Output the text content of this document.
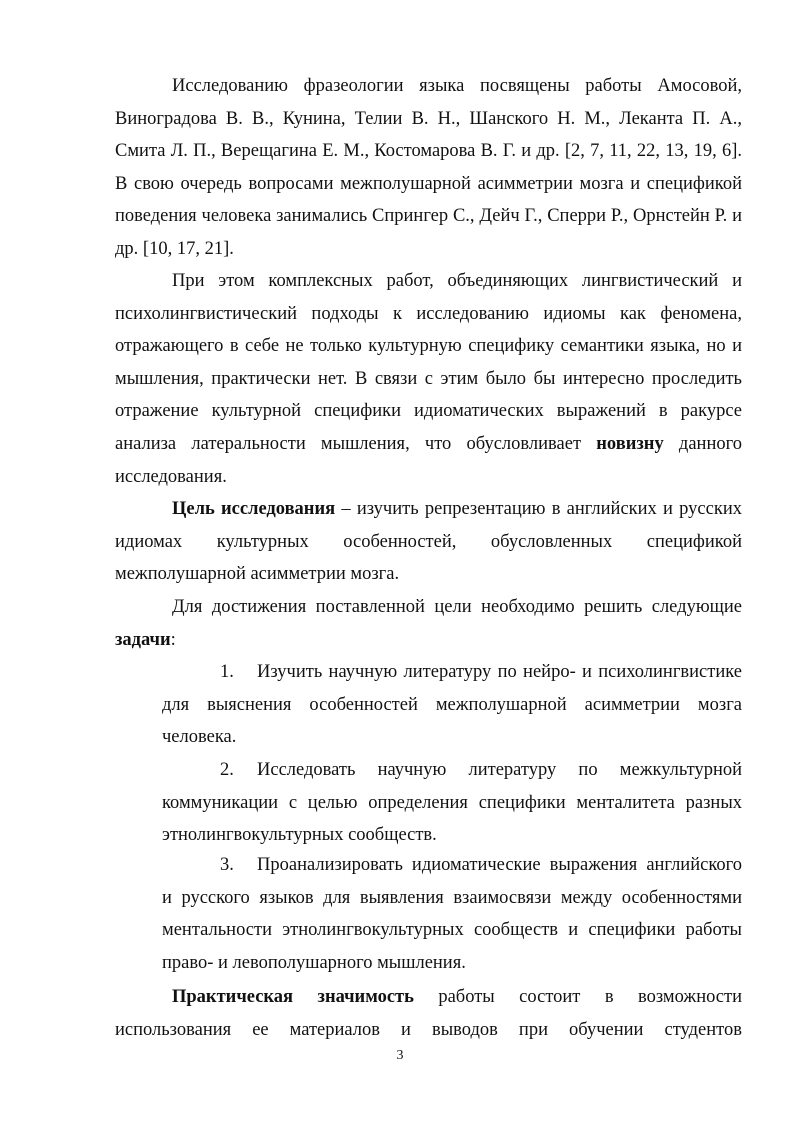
Исследованию фразеологии языка посвящены работы Амосовой, Виноградова В. В., Кунина, Телии В. Н., Шанского Н. М., Леканта П. А., Смита Л. П., Верещагина Е. М., Костомарова В. Г. и др. [2, 7, 11, 22, 13, 19, 6]. В свою очередь вопросами межполушарной асимметрии мозга и спецификой поведения человека занимались Спрингер С., Дейч Г., Сперри Р., Орнстейн Р. и др. [10, 17, 21].

При этом комплексных работ, объединяющих лингвистический и психолингвистический подходы к исследованию идиомы как феномена, отражающего в себе не только культурную специфику семантики языка, но и мышления, практически нет. В связи с этим было бы интересно проследить отражение культурной специфики идиоматических выражений в ракурсе анализа латеральности мышления, что обусловливает новизну данного исследования.

Цель исследования – изучить репрезентацию в английских и русских идиомах культурных особенностей, обусловленных спецификой межполушарной асимметрии мозга.

Для достижения поставленной цели необходимо решить следующие задачи:

1. Изучить научную литературу по нейро- и психолингвистике для выяснения особенностей межполушарной асимметрии мозга человека.

2. Исследовать научную литературу по межкультурной коммуникации с целью определения специфики менталитета разных этнолингвокультурных сообществ.

3. Проанализировать идиоматические выражения английского и русского языков для выявления взаимосвязи между особенностями ментальности этнолингвокультурных сообществ и специфики работы право- и левополушарного мышления.

Практическая значимость работы состоит в возможности использования ее материалов и выводов при обучении студентов

3
